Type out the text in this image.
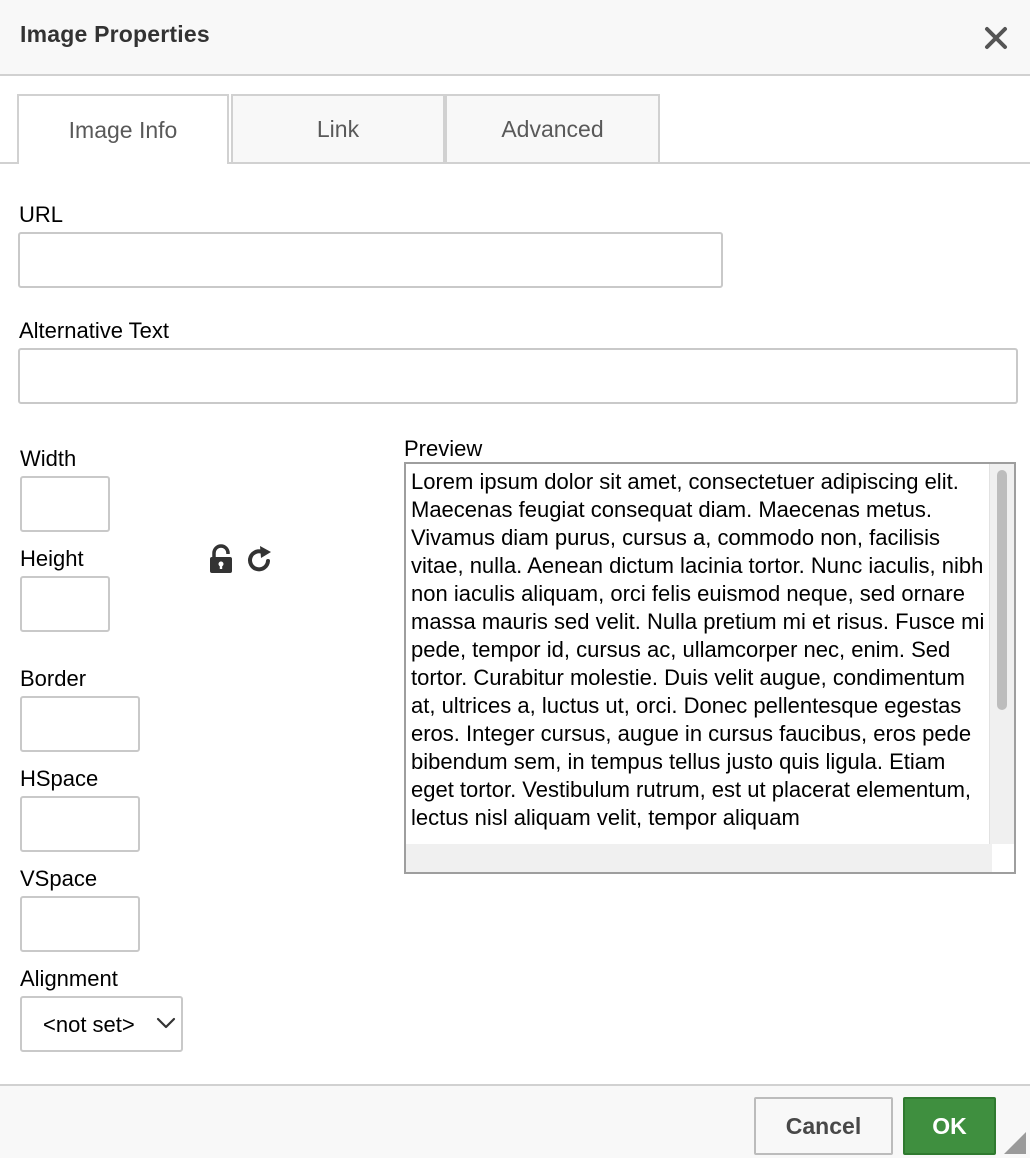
Image Properties
Image Info	Link	Advanced
URL
Alternative Text
Width
Height
Border
HSpace
VSpace
Alignment
<not set>
Preview
Lorem ipsum dolor sit amet, consectetuer adipiscing elit. Maecenas feugiat consequat diam. Maecenas metus. Vivamus diam purus, cursus a, commodo non, facilisis vitae, nulla. Aenean dictum lacinia tortor. Nunc iaculis, nibh non iaculis aliquam, orci felis euismod neque, sed ornare massa mauris sed velit. Nulla pretium mi et risus. Fusce mi pede, tempor id, cursus ac, ullamcorper nec, enim. Sed tortor. Curabitur molestie. Duis velit augue, condimentum at, ultrices a, luctus ut, orci. Donec pellentesque egestas eros. Integer cursus, augue in cursus faucibus, eros pede bibendum sem, in tempus tellus justo quis ligula. Etiam eget tortor. Vestibulum rutrum, est ut placerat elementum, lectus nisl aliquam velit, tempor aliquam
Cancel	OK
